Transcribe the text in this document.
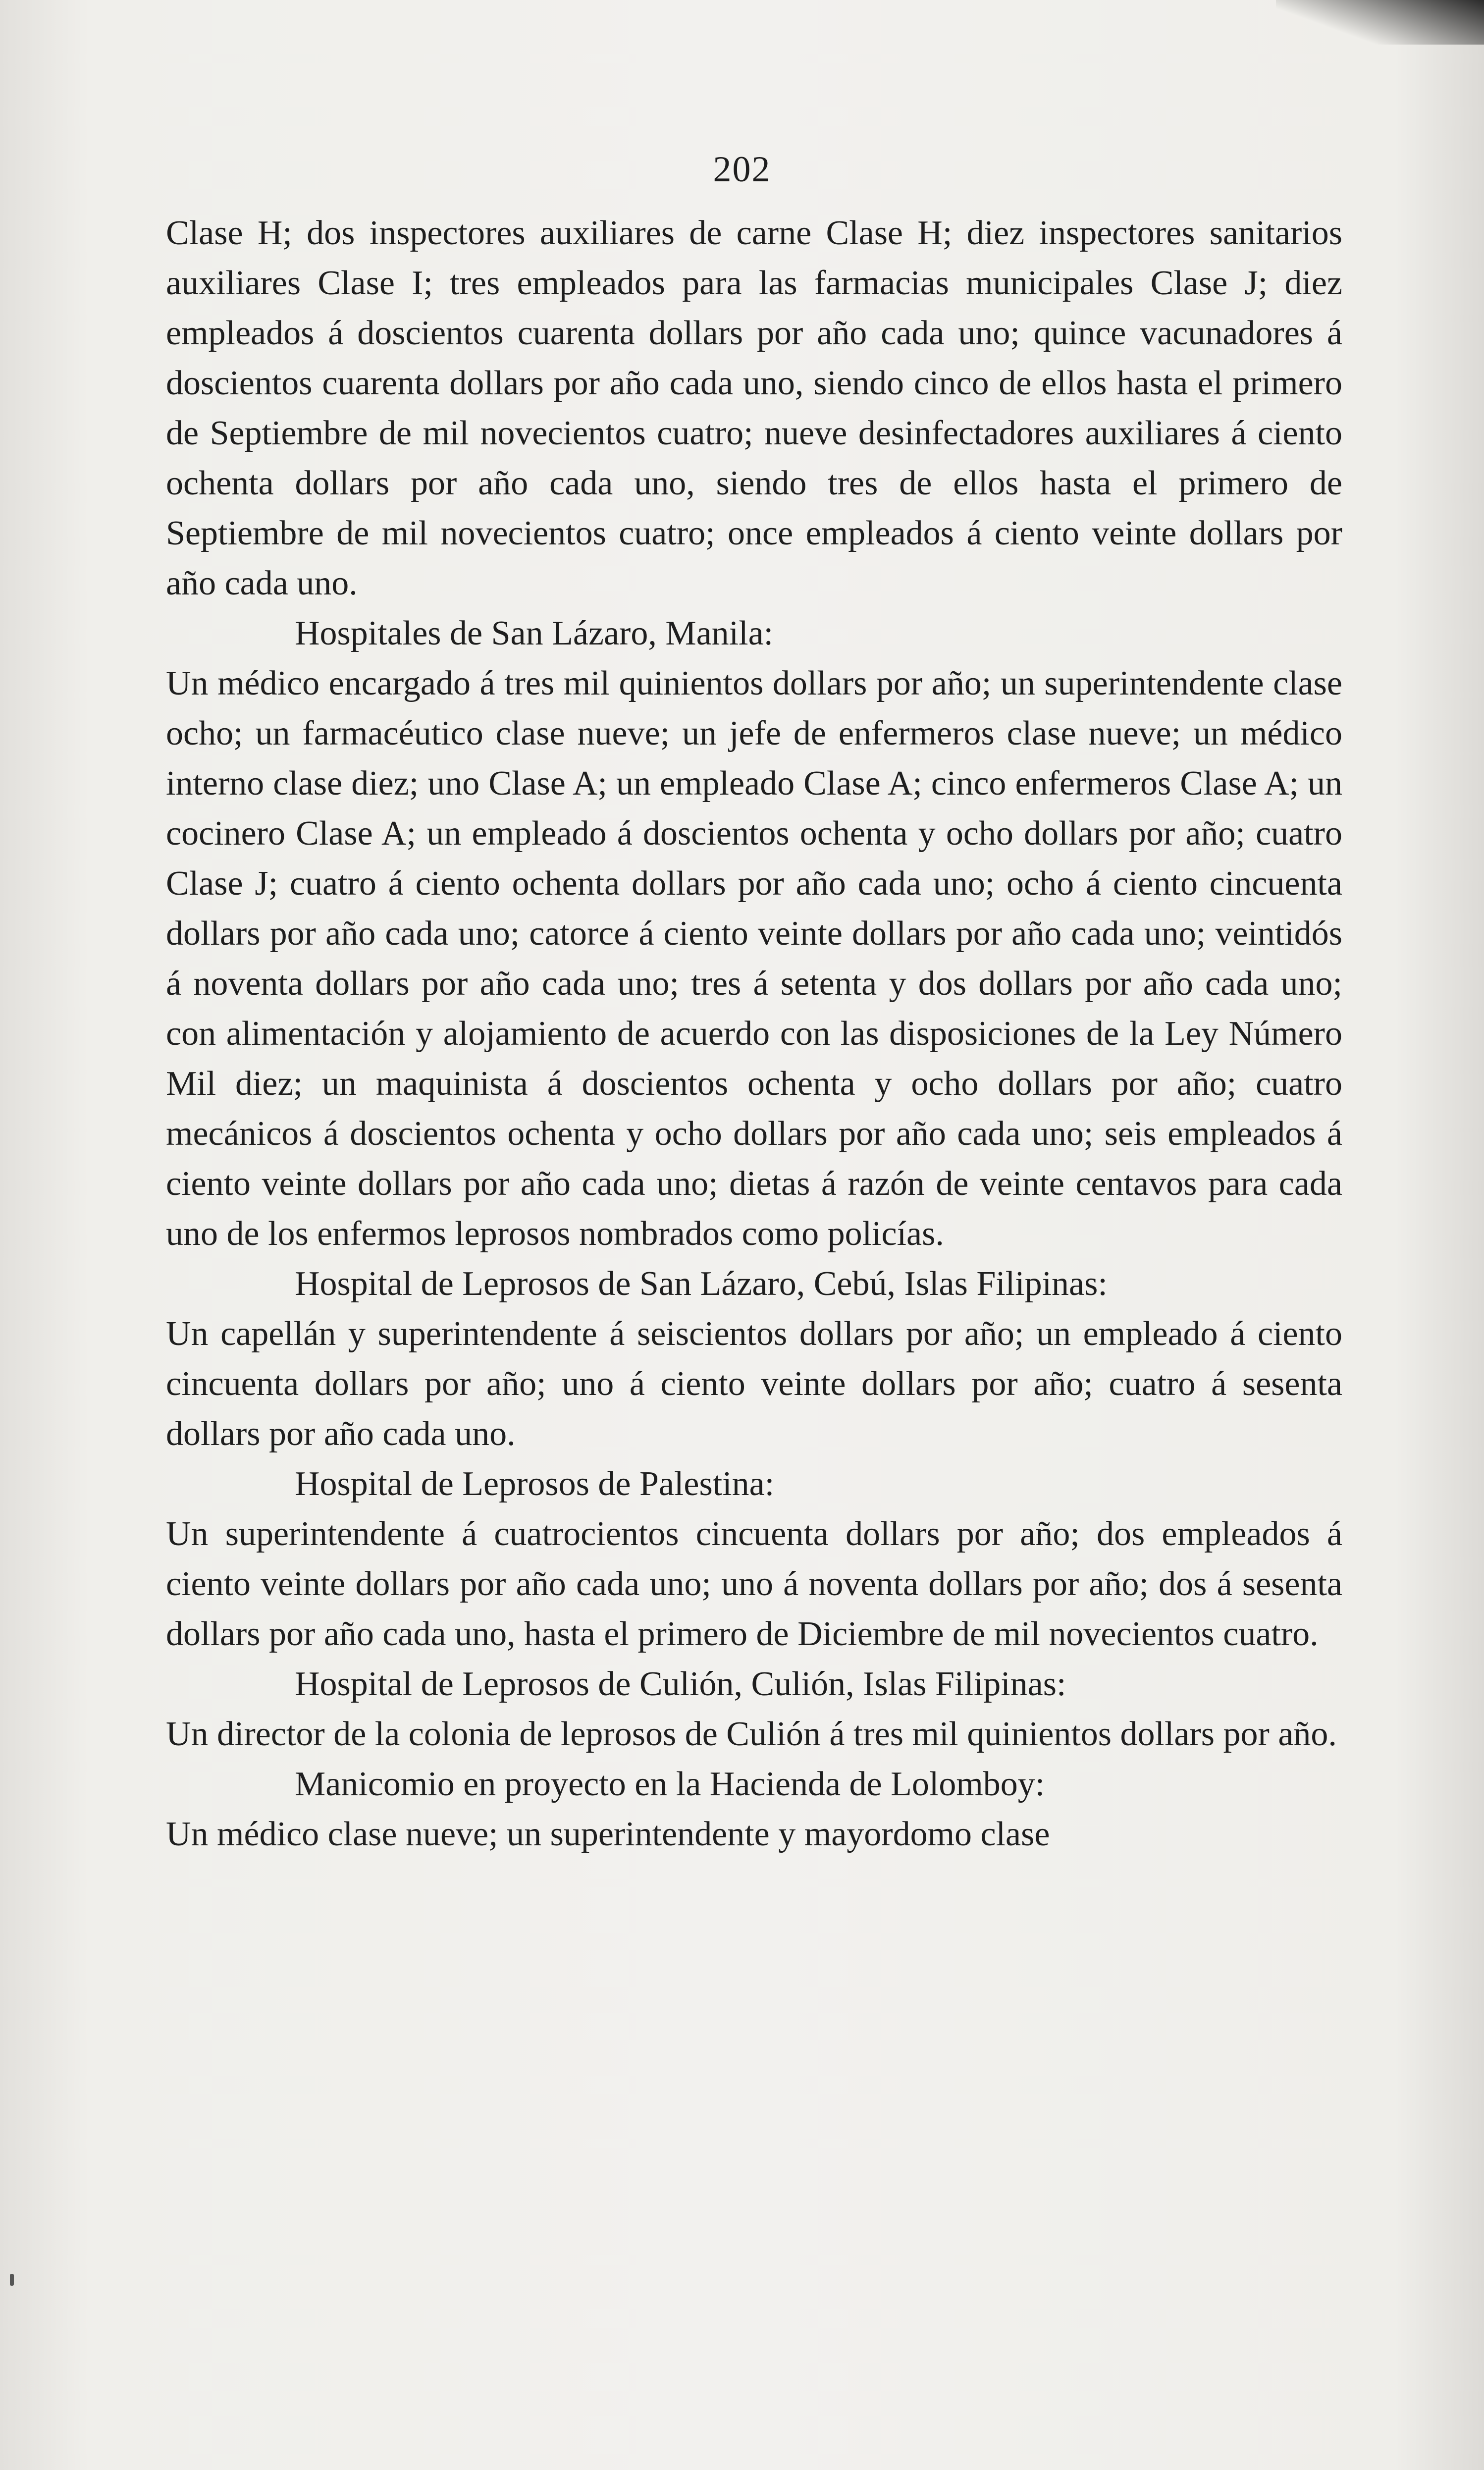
202

Clase H; dos inspectores auxiliares de carne Clase H; diez inspectores sanitarios auxiliares Clase I; tres empleados para las farmacias municipales Clase J; diez empleados á doscientos cuarenta dollars por año cada uno; quince vacunadores á doscientos cuarenta dollars por año cada uno, siendo cinco de ellos hasta el primero de Septiembre de mil novecientos cuatro; nueve desinfectadores auxiliares á ciento ochenta dollars por año cada uno, siendo tres de ellos hasta el primero de Septiembre de mil novecientos cuatro; once empleados á ciento veinte dollars por año cada uno.

Hospitales de San Lázaro, Manila:

Un médico encargado á tres mil quinientos dollars por año; un superintendente clase ocho; un farmacéutico clase nueve; un jefe de enfermeros clase nueve; un médico interno clase diez; uno Clase A; un empleado Clase A; cinco enfermeros Clase A; un cocinero Clase A; un empleado á doscientos ochenta y ocho dollars por año; cuatro Clase J; cuatro á ciento ochenta dollars por año cada uno; ocho á ciento cincuenta dollars por año cada uno; catorce á ciento veinte dollars por año cada uno; veintidós á noventa dollars por año cada uno; tres á setenta y dos dollars por año cada uno; con alimentación y alojamiento de acuerdo con las disposiciones de la Ley Número Mil diez; un maquinista á doscientos ochenta y ocho dollars por año; cuatro mecánicos á doscientos ochenta y ocho dollars por año cada uno; seis empleados á ciento veinte dollars por año cada uno; dietas á razón de veinte centavos para cada uno de los enfermos leprosos nombrados como policías.

Hospital de Leprosos de San Lázaro, Cebú, Islas Filipinas:

Un capellán y superintendente á seiscientos dollars por año; un empleado á ciento cincuenta dollars por año; uno á ciento veinte dollars por año; cuatro á sesenta dollars por año cada uno.

Hospital de Leprosos de Palestina:

Un superintendente á cuatrocientos cincuenta dollars por año; dos empleados á ciento veinte dollars por año cada uno; uno á noventa dollars por año; dos á sesenta dollars por año cada uno, hasta el primero de Diciembre de mil novecientos cuatro.

Hospital de Leprosos de Culión, Culión, Islas Filipinas:

Un director de la colonia de leprosos de Culión á tres mil quinientos dollars por año.

Manicomio en proyecto en la Hacienda de Lolomboy:

Un médico clase nueve; un superintendente y mayordomo clase
